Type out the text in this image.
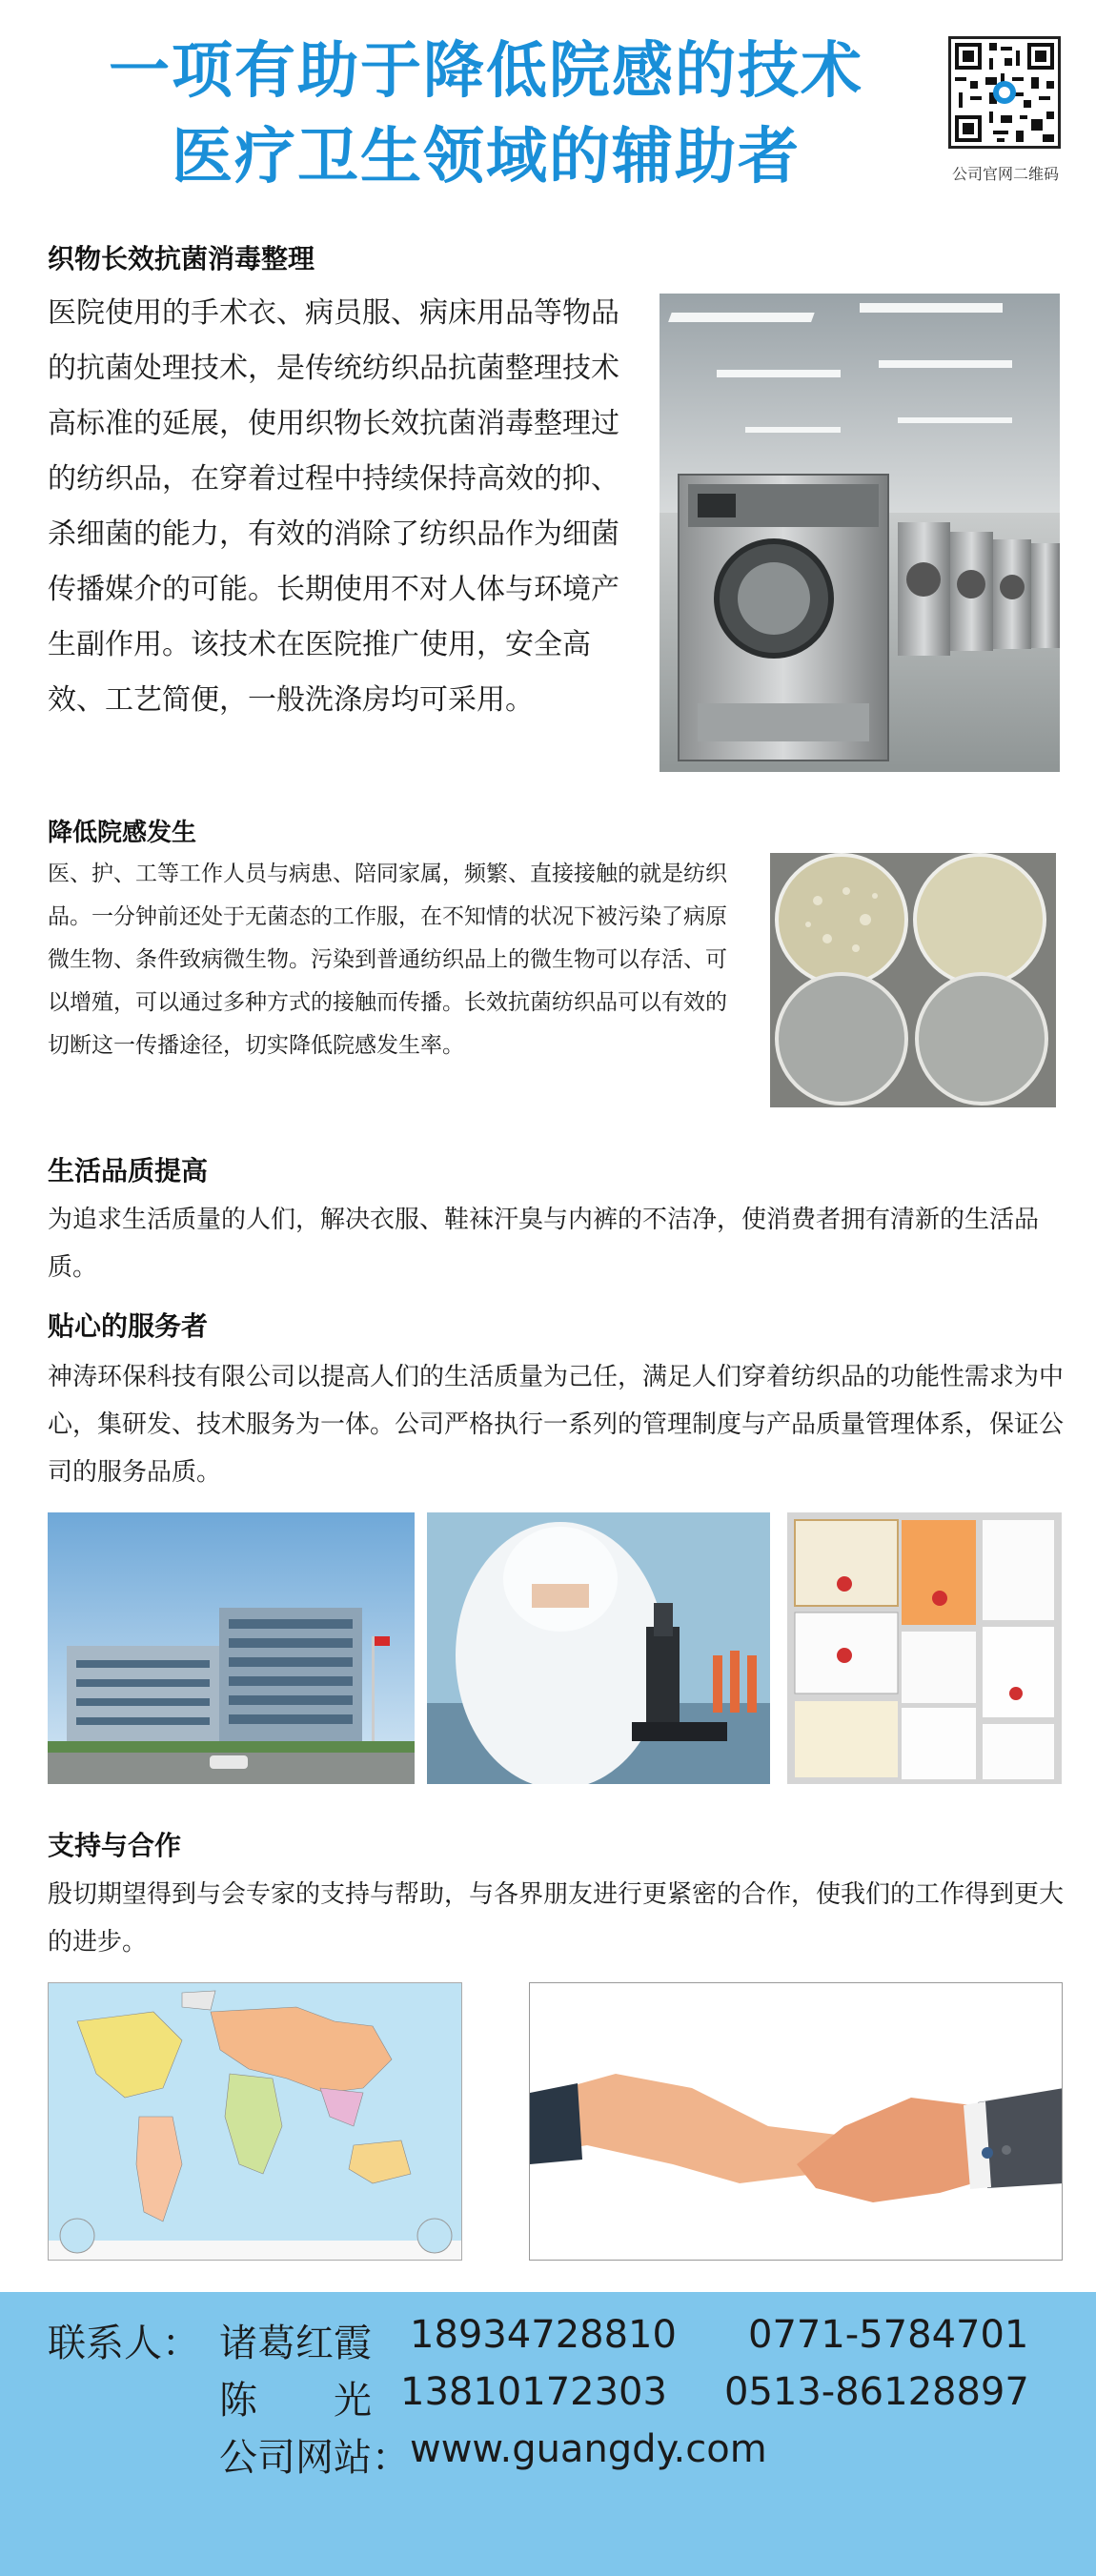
一项有助于降低院感的技术
医疗卫生领域的辅助者	公司官网二维码
织物长效抗菌消毒整理
医院使用的手术衣、病员服、病床用品等物品的抗菌处理技术，是传统纺织品抗菌整理技术高标准的延展，使用织物长效抗菌消毒整理过的纺织品，在穿着过程中持续保持高效的抑、杀细菌的能力，有效的消除了纺织品作为细菌传播媒介的可能。长期使用不对人体与环境产生副作用。该技术在医院推广使用，安全高效、工艺简便，一般洗涤房均可采用。
降低院感发生
医、护、工等工作人员与病患、陪同家属，频繁、直接接触的就是纺织品。一分钟前还处于无菌态的工作服，在不知情的状况下被污染了病原微生物、条件致病微生物。污染到普通纺织品上的微生物可以存活、可以增殖，可以通过多种方式的接触而传播。长效抗菌纺织品可以有效的切断这一传播途径，切实降低院感发生率。
生活品质提高
为追求生活质量的人们，解决衣服、鞋袜汗臭与内裤的不洁净，使消费者拥有清新的生活品质。
贴心的服务者
神涛环保科技有限公司以提高人们的生活质量为己任，满足人们穿着纺织品的功能性需求为中心，集研发、技术服务为一体。公司严格执行一系列的管理制度与产品质量管理体系，保证公司的服务品质。
支持与合作
殷切期望得到与会专家的支持与帮助，与各界朋友进行更紧密的合作，使我们的工作得到更大的进步。
联系人： 诸葛红霞 18934728810 0771-5784701
陈　　光 13810172303 0513-86128897
公司网站： www.guangdy.com
